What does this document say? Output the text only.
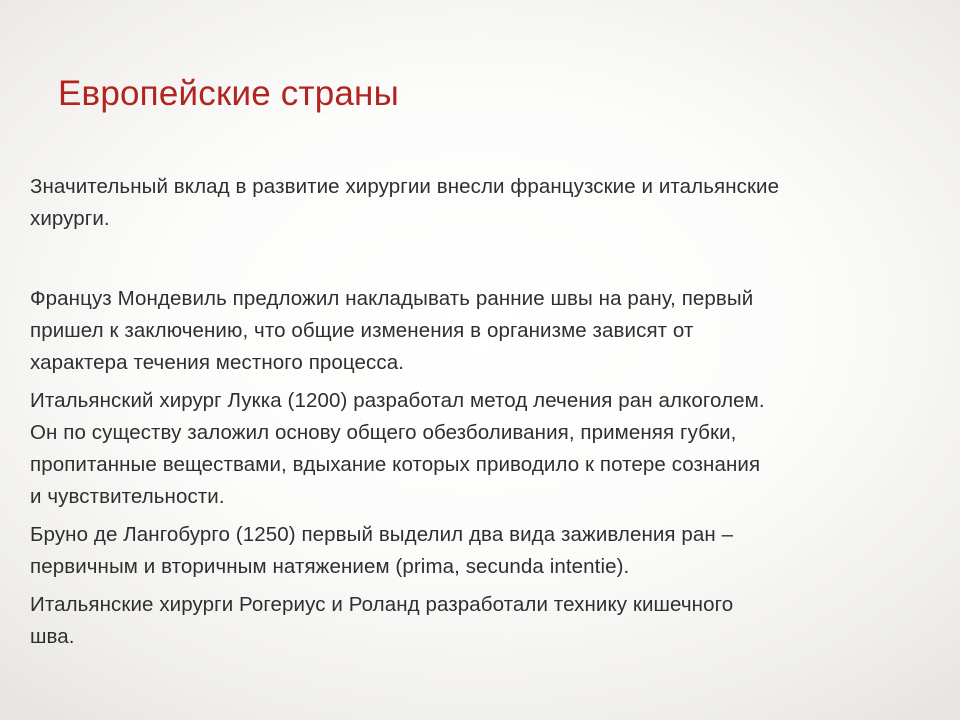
Европейские страны

Значительный вклад в развитие хирургии внесли французские и итальянские
хирурги.

Француз Мондевиль предложил накладывать ранние швы на рану, первый
пришел к заключению, что общие изменения в организме зависят от
характера течения местного процесса.

Итальянский хирург Лукка (1200) разработал метод лечения ран алкоголем.
Он по существу заложил основу общего обезболивания, применяя губки,
пропитанные веществами, вдыхание которых приводило к потере сознания
и чувствительности.

Бруно де Лангобурго (1250) первый выделил два вида заживления ран –
первичным и вторичным натяжением (prima, secunda intentie).

Итальянские хирурги Рогериус и Роланд разработали технику кишечного
шва.
